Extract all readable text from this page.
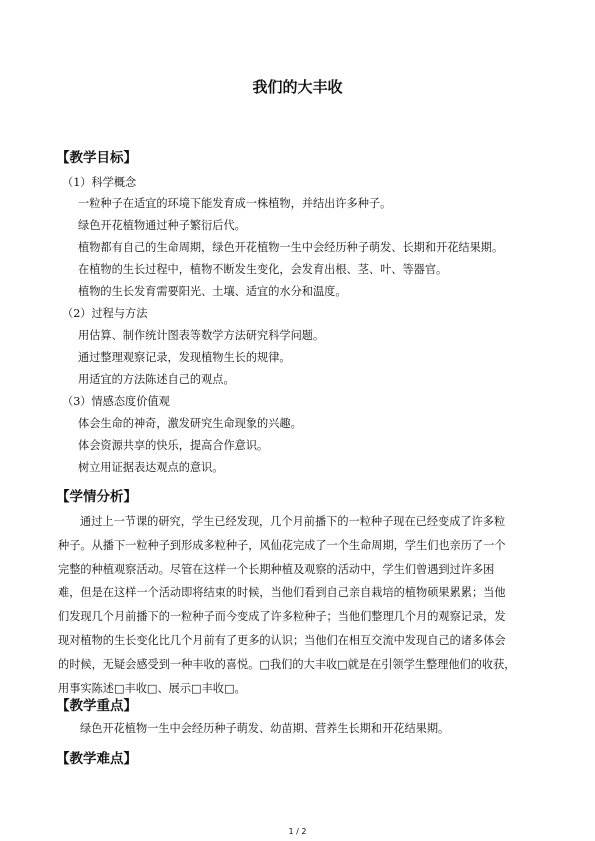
我们的大丰收
【教学目标】
（1）科学概念
一粒种子在适宜的环境下能发育成一株植物，并结出许多种子。
绿色开花植物通过种子繁衍后代。
植物都有自己的生命周期，绿色开花植物一生中会经历种子萌发、长期和开花结果期。
在植物的生长过程中，植物不断发生变化，会发育出根、茎、叶、等器官。
植物的生长发育需要阳光、土壤、适宜的水分和温度。
（2）过程与方法
用估算、制作统计图表等数学方法研究科学问题。
通过整理观察记录，发现植物生长的规律。
用适宜的方法陈述自己的观点。
（3）情感态度价值观
体会生命的神奇，激发研究生命现象的兴趣。
体会资源共享的快乐，提高合作意识。
树立用证据表达观点的意识。
【学情分析】
通过上一节课的研究，学生已经发现，几个月前播下的一粒种子现在已经变成了许多粒
种子。从播下一粒种子到形成多粒种子，风仙花完成了一个生命周期，学生们也亲历了一个
完整的种植观察活动。尽管在这样一个长期种植及观察的活动中，学生们曾遇到过许多困
难，但是在这样一个活动即将结束的时候，当他们看到自己亲自栽培的植物硕果累累；当他
们发现几个月前播下的一粒种子而今变成了许多粒种子；当他们整理几个月的观察记录，发
现对植物的生长变化比几个月前有了更多的认识；当他们在相互交流中发现自己的诸多体会
的时候，无疑会感受到一种丰收的喜悦。□我们的大丰收□就是在引领学生整理他们的收获，
用事实陈述□丰收□、展示□丰收□。
【教学重点】
绿色开花植物一生中会经历种子萌发、幼苗期、营养生长期和开花结果期。
【教学难点】
1 / 2
